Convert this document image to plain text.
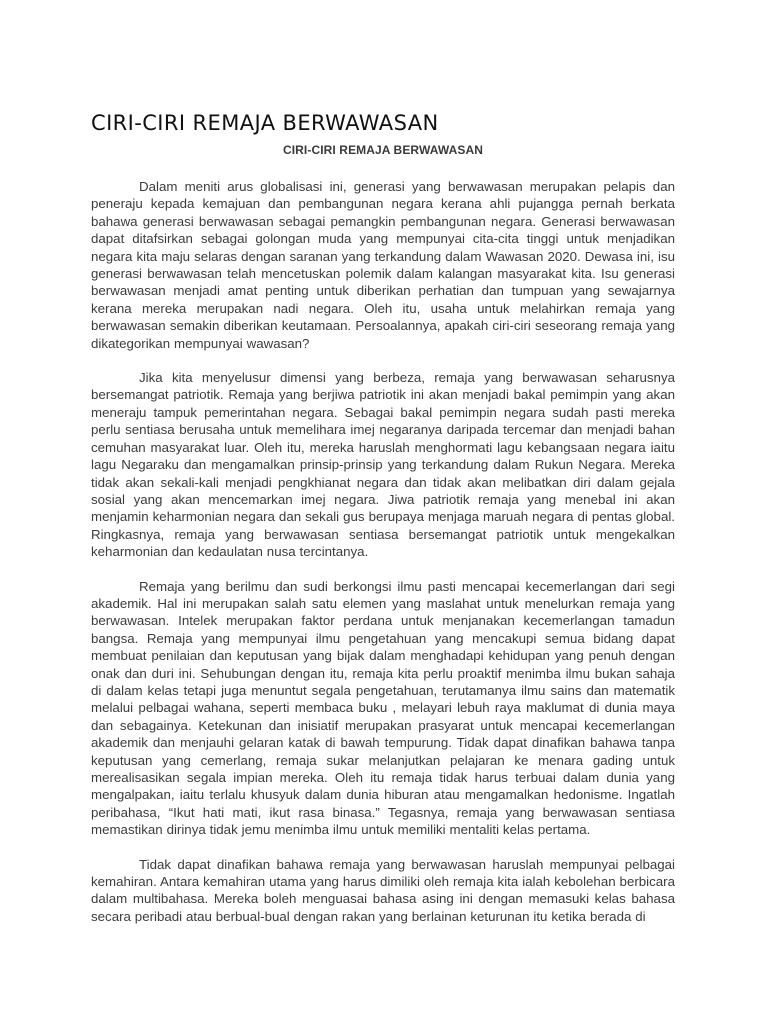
CIRI-CIRI REMAJA BERWAWASAN
CIRI-CIRI REMAJA BERWAWASAN

Dalam meniti arus globalisasi ini, generasi yang berwawasan merupakan pelapis dan peneraju kepada kemajuan dan pembangunan negara kerana ahli pujangga pernah berkata bahawa generasi berwawasan sebagai pemangkin pembangunan negara. Generasi berwawasan dapat ditafsirkan sebagai golongan muda yang mempunyai cita-cita tinggi untuk menjadikan negara kita maju selaras dengan saranan yang terkandung dalam Wawasan 2020. Dewasa ini, isu generasi berwawasan telah mencetuskan polemik dalam kalangan masyarakat kita. Isu generasi berwawasan menjadi amat penting untuk diberikan perhatian dan tumpuan yang sewajarnya kerana mereka merupakan nadi negara. Oleh itu, usaha untuk melahirkan remaja yang berwawasan semakin diberikan keutamaan. Persoalannya, apakah ciri-ciri seseorang remaja yang dikategorikan mempunyai wawasan?

Jika kita menyelusur dimensi yang berbeza, remaja yang berwawasan seharusnya bersemangat patriotik. Remaja yang berjiwa patriotik ini akan menjadi bakal pemimpin yang akan meneraju tampuk pemerintahan negara. Sebagai bakal pemimpin negara sudah pasti mereka perlu sentiasa berusaha untuk memelihara imej negaranya daripada tercemar dan menjadi bahan cemuhan masyarakat luar. Oleh itu, mereka haruslah menghormati lagu kebangsaan negara iaitu lagu Negaraku dan mengamalkan prinsip-prinsip yang terkandung dalam Rukun Negara. Mereka tidak akan sekali-kali menjadi pengkhianat negara dan tidak akan melibatkan diri dalam gejala sosial yang akan mencemarkan imej negara. Jiwa patriotik remaja yang menebal ini akan menjamin keharmonian negara dan sekali gus berupaya menjaga maruah negara di pentas global. Ringkasnya, remaja yang berwawasan sentiasa bersemangat patriotik untuk mengekalkan keharmonian dan kedaulatan nusa tercintanya.

Remaja yang berilmu dan sudi berkongsi ilmu pasti mencapai kecemerlangan dari segi akademik. Hal ini merupakan salah satu elemen yang maslahat untuk menelurkan remaja yang berwawasan. Intelek merupakan faktor perdana untuk menjanakan kecemerlangan tamadun bangsa. Remaja yang mempunyai ilmu pengetahuan yang mencakupi semua bidang dapat membuat penilaian dan keputusan yang bijak dalam menghadapi kehidupan yang penuh dengan onak dan duri ini. Sehubungan dengan itu, remaja kita perlu proaktif menimba ilmu bukan sahaja di dalam kelas tetapi juga menuntut segala pengetahuan, terutamanya ilmu sains dan matematik melalui pelbagai wahana, seperti membaca buku , melayari lebuh raya maklumat di dunia maya dan sebagainya. Ketekunan dan inisiatif merupakan prasyarat untuk mencapai kecemerlangan akademik dan menjauhi gelaran katak di bawah tempurung. Tidak dapat dinafikan bahawa tanpa keputusan yang cemerlang, remaja sukar melanjutkan pelajaran ke menara gading untuk merealisasikan segala impian mereka. Oleh itu remaja tidak harus terbuai dalam dunia yang mengalpakan, iaitu terlalu khusyuk dalam dunia hiburan atau mengamalkan hedonisme. Ingatlah peribahasa, “Ikut hati mati, ikut rasa binasa.” Tegasnya, remaja yang berwawasan sentiasa memastikan dirinya tidak jemu menimba ilmu untuk memiliki mentaliti kelas pertama.

Tidak dapat dinafikan bahawa remaja yang berwawasan haruslah mempunyai pelbagai kemahiran. Antara kemahiran utama yang harus dimiliki oleh remaja kita ialah kebolehan berbicara dalam multibahasa. Mereka boleh menguasai bahasa asing ini dengan memasuki kelas bahasa secara peribadi atau berbual-bual dengan rakan yang berlainan keturunan itu ketika berada di
